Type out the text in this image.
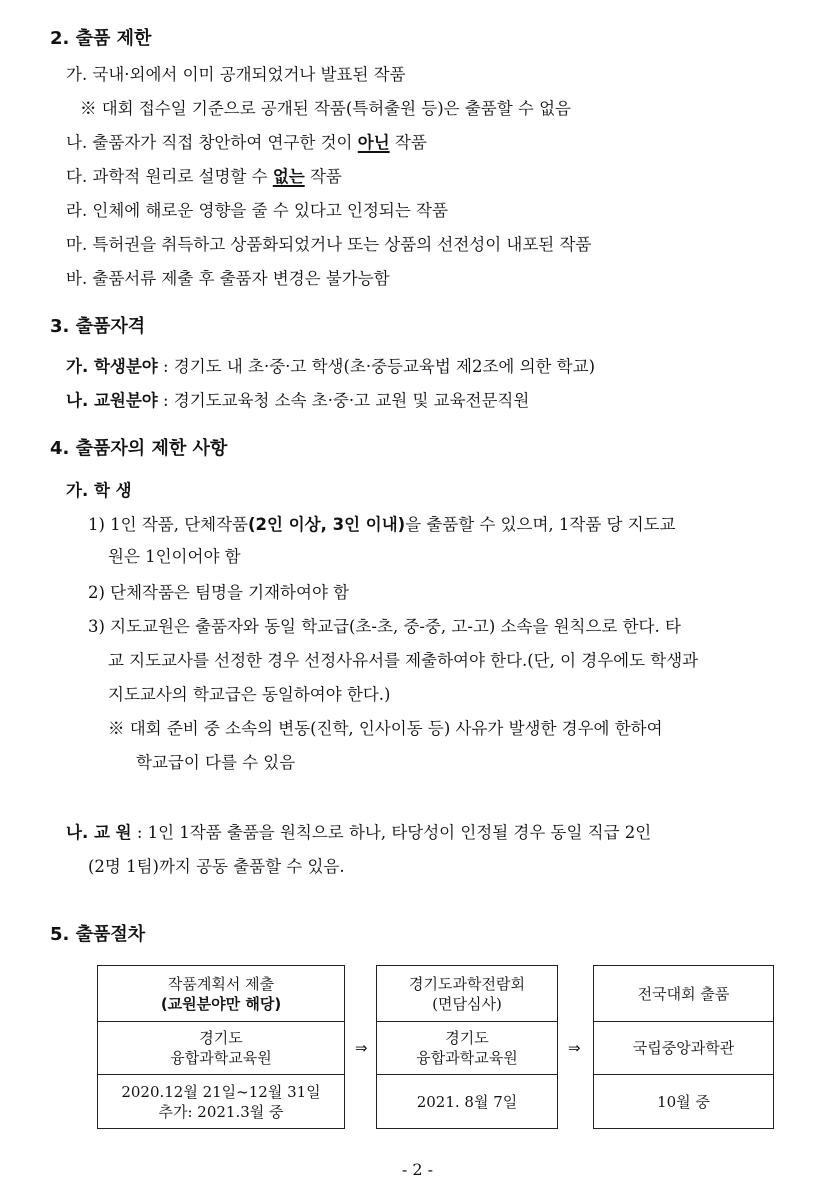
2. 출품 제한
가. 국내·외에서 이미 공개되었거나 발표된 작품
※ 대회 접수일 기준으로 공개된 작품(특허출원 등)은 출품할 수 없음
나. 출품자가 직접 창안하여 연구한 것이 아닌 작품
다. 과학적 원리로 설명할 수 없는 작품
라. 인체에 해로운 영향을 줄 수 있다고 인정되는 작품
마. 특허권을 취득하고 상품화되었거나 또는 상품의 선전성이 내포된 작품
바. 출품서류 제출 후 출품자 변경은 불가능함
3. 출품자격
가. 학생분야 : 경기도 내 초·중·고 학생(초·중등교육법 제2조에 의한 학교)
나. 교원분야 : 경기도교육청 소속 초·중·고 교원 및 교육전문직원
4. 출품자의 제한 사항
가. 학 생
1) 1인 작품, 단체작품(2인 이상, 3인 이내)을 출품할 수 있으며, 1작품 당 지도교
원은 1인이어야 함
2) 단체작품은 팀명을 기재하여야 함
3) 지도교원은 출품자와 동일 학교급(초-초, 중-중, 고-고) 소속을 원칙으로 한다. 타
교 지도교사를 선정한 경우 선정사유서를 제출하여야 한다.(단, 이 경우에도 학생과
지도교사의 학교급은 동일하여야 한다.)
※ 대회 준비 중 소속의 변동(진학, 인사이동 등) 사유가 발생한 경우에 한하여
학교급이 다를 수 있음
나. 교 원 : 1인 1작품 출품을 원칙으로 하나, 타당성이 인정될 경우 동일 직급 2인
(2명 1팀)까지 공동 출품할 수 있음.
5. 출품절차
작품계획서 제출
(교원분야만 해당)
경기도
융합과학교육원
2020.12월 21일~12월 31일
추가: 2021.3월 중
⇒
경기도과학전람회
(면담심사)
경기도
융합과학교육원
2021. 8월 7일
⇒
전국대회 출품
국립중앙과학관
10월 중
- 2 -
